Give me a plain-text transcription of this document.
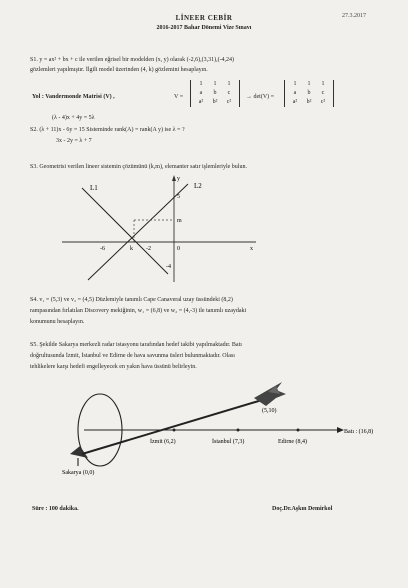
27.3.2017
LİNEER CEBİR
2016-2017 Bahar Dönemi Vize Sınavı
S1. y = ax² + bx + c ile verilen eğrisel bir modelden (x, y) olarak (-2,6),(3,31),(-4,24)
gözlemleri yapılmıştır. İlgili model üzerinden (4, k) gözlemini hesaplayın.
Yol : Vandermonde Matrisi (V) ,	V =
1 1 1
a b c
a² b² c²
→ det(V) =
1 1 1
a b c
a² b² c²
(λ - 4)x + 4y = 5λ
S2. (λ + 11)x - 6y = 15 Sisteminde rank(A) = rank(A y) ise λ = ?
3x - 2y = λ + 7
S3. Geometrisi verilen lineer sistemin çözümünü (k,m), elemanter satır işlemleriyle bulun.
L1	L2
y
x
5
m
-6	k -2	0
-4
S4. v₁ = (5,3) ve v₂ = (4,5) Düzlemiyle tanımlı Cape Canaveral uzay üssündeki (8,2)
rampasından fırlatılan Discovery mekiğinin, w₁ = (6,8) ve w₂ = (4,-3) ile tanımlı uzaydaki
konumunu hesaplayın.
S5. Şekilde Sakarya merkezli radar istasyonu tarafından hedef takibi yapılmaktadır. Batı
doğrultusunda İzmit, İstanbul ve Edirne de hava savunma üsleri bulunmaktadır. Olası
tehlikelere karşı hedefi engelleyecek en yakın hava üssünü belirleyin.
(5,10)
Batı : (16,8)
İzmit (6,2)	İstanbul (7,3)	Edirne (8,4)
Sakarya (0,0)
Süre : 100 dakika.	Doç.Dr.Aşkın Demirkol
